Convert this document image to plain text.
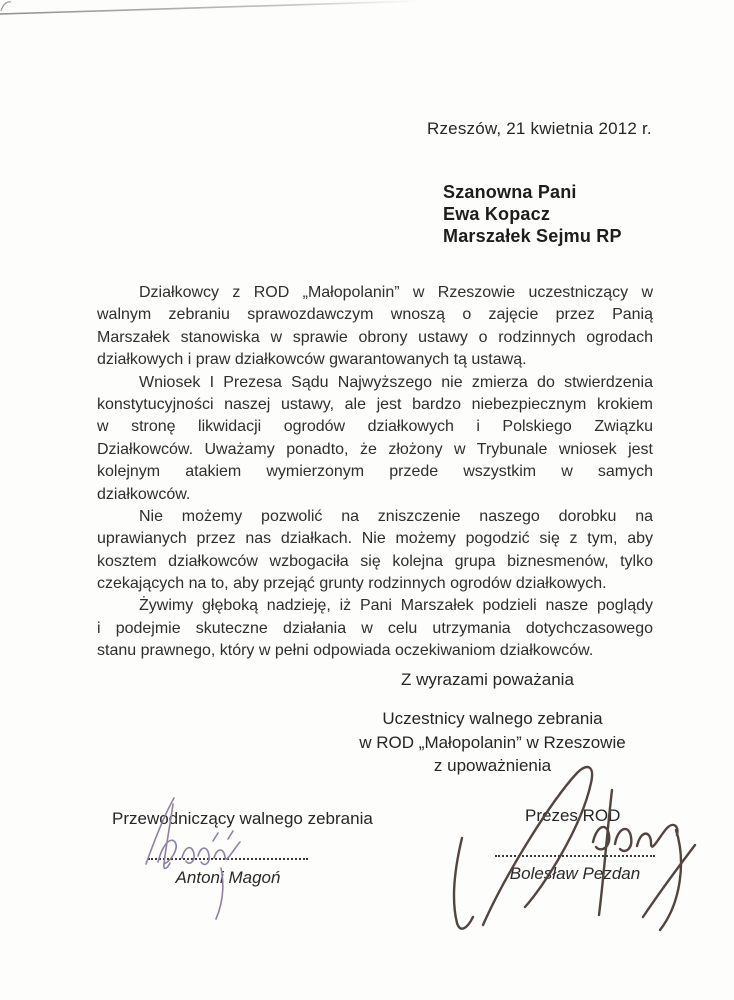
Rzeszów, 21 kwietnia 2012 r.
Szanowna Pani
Ewa Kopacz
Marszałek Sejmu RP
Działkowcy z ROD „Małopolanin” w Rzeszowie uczestniczący w
walnym zebraniu sprawozdawczym wnoszą o zajęcie przez Panią
Marszałek stanowiska w sprawie obrony ustawy o rodzinnych ogrodach
działkowych i praw działkowców gwarantowanych tą ustawą.
Wniosek I Prezesa Sądu Najwyższego nie zmierza do stwierdzenia
konstytucyjności naszej ustawy, ale jest bardzo niebezpiecznym krokiem
w stronę likwidacji ogrodów działkowych i Polskiego Związku
Działkowców. Uważamy ponadto, że złożony w Trybunale wniosek jest
kolejnym atakiem wymierzonym przede wszystkim w samych
działkowców.
Nie możemy pozwolić na zniszczenie naszego dorobku na
uprawianych przez nas działkach. Nie możemy pogodzić się z tym, aby
kosztem działkowców wzbogaciła się kolejna grupa biznesmenów, tylko
czekających na to, aby przejąć grunty rodzinnych ogrodów działkowych.
Żywimy głęboką nadzieję, iż Pani Marszałek podzieli nasze poglądy
i podejmie skuteczne działania w celu utrzymania dotychczasowego
stanu prawnego, który w pełni odpowiada oczekiwaniom działkowców.
Z wyrazami poważania
Uczestnicy walnego zebrania
w ROD „Małopolanin” w Rzeszowie
z upoważnienia
Przewodniczący walnego zebrania
Antoni Magoń
Prezes ROD
Bolesław Pezdan
